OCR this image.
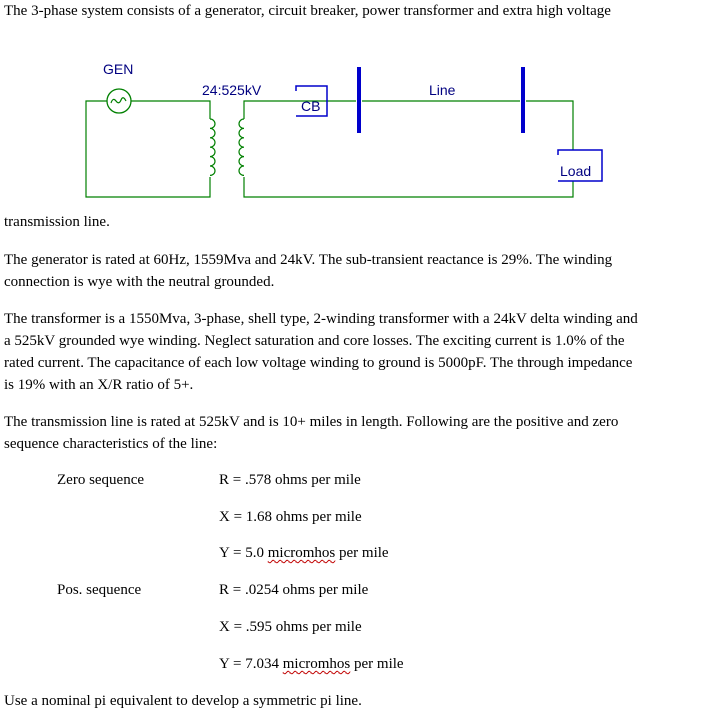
The 3-phase system consists of a generator, circuit breaker, power transformer and extra high voltage

GEN
24:525kV
CB
Line
Load

transmission line.

The generator is rated at 60Hz, 1559Mva and 24kV. The sub-transient reactance is 29%. The winding

connection is wye with the neutral grounded.

The transformer is a 1550Mva, 3-phase, shell type, 2-winding transformer with a 24kV delta winding and

a 525kV grounded wye winding. Neglect saturation and core losses. The exciting current is 1.0% of the

rated current. The capacitance of each low voltage winding to ground is 5000pF. The through impedance

is 19% with an X/R ratio of 5+.

The transmission line is rated at 525kV and is 10+ miles in length. Following are the positive and zero

sequence characteristics of the line:

Zero sequence	R = .578 ohms per mile
X = 1.68 ohms per mile
Y = 5.0 micromhos per mile
Pos. sequence	R = .0254 ohms per mile
X = .595 ohms per mile
Y = 7.034 micromhos per mile

Use a nominal pi equivalent to develop a symmetric pi line.
